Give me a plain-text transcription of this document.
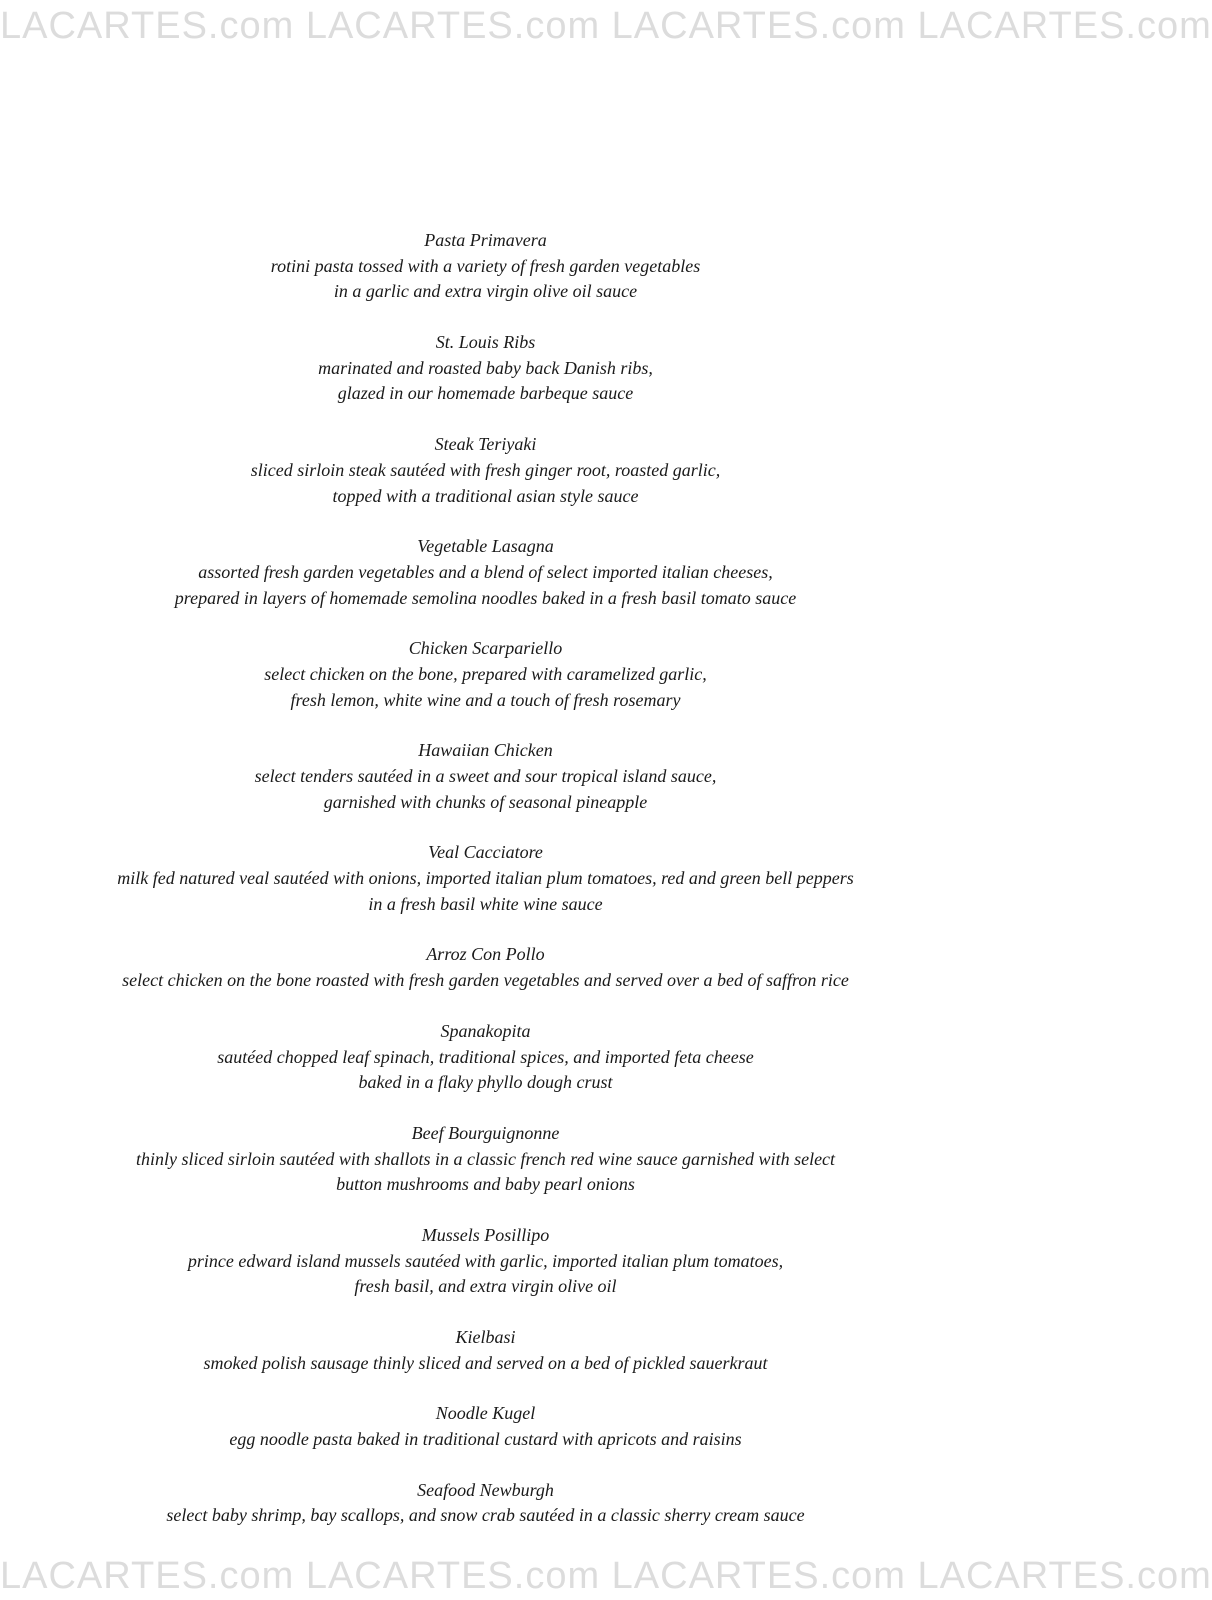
LACARTES.com LACARTES.com LACARTES.com LACARTES.com
Pasta Primavera
rotini pasta tossed with a variety of fresh garden vegetables
in a garlic and extra virgin olive oil sauce
St. Louis Ribs
marinated and roasted baby back Danish ribs,
glazed in our homemade barbeque sauce
Steak Teriyaki
sliced sirloin steak sautéed with fresh ginger root, roasted garlic,
topped with a traditional asian style sauce
Vegetable Lasagna
assorted fresh garden vegetables and a blend of select imported italian cheeses,
prepared in layers of homemade semolina noodles baked in a fresh basil tomato sauce
Chicken Scarpariello
select chicken on the bone, prepared with caramelized garlic,
fresh lemon, white wine and a touch of fresh rosemary
Hawaiian Chicken
select tenders sautéed in a sweet and sour tropical island sauce,
garnished with chunks of seasonal pineapple
Veal Cacciatore
milk fed natured veal sautéed with onions, imported italian plum tomatoes, red and green bell peppers
in a fresh basil white wine sauce
Arroz Con Pollo
select chicken on the bone roasted with fresh garden vegetables and served over a bed of saffron rice
Spanakopita
sautéed chopped leaf spinach, traditional spices, and imported feta cheese
baked in a flaky phyllo dough crust
Beef Bourguignonne
thinly sliced sirloin sautéed with shallots in a classic french red wine sauce garnished with select
button mushrooms and baby pearl onions
Mussels Posillipo
prince edward island mussels sautéed with garlic, imported italian plum tomatoes,
fresh basil, and extra virgin olive oil
Kielbasi
smoked polish sausage thinly sliced and served on a bed of pickled sauerkraut
Noodle Kugel
egg noodle pasta baked in traditional custard with apricots and raisins
Seafood Newburgh
select baby shrimp, bay scallops, and snow crab sautéed in a classic sherry cream sauce
LACARTES.com LACARTES.com LACARTES.com LACARTES.com
